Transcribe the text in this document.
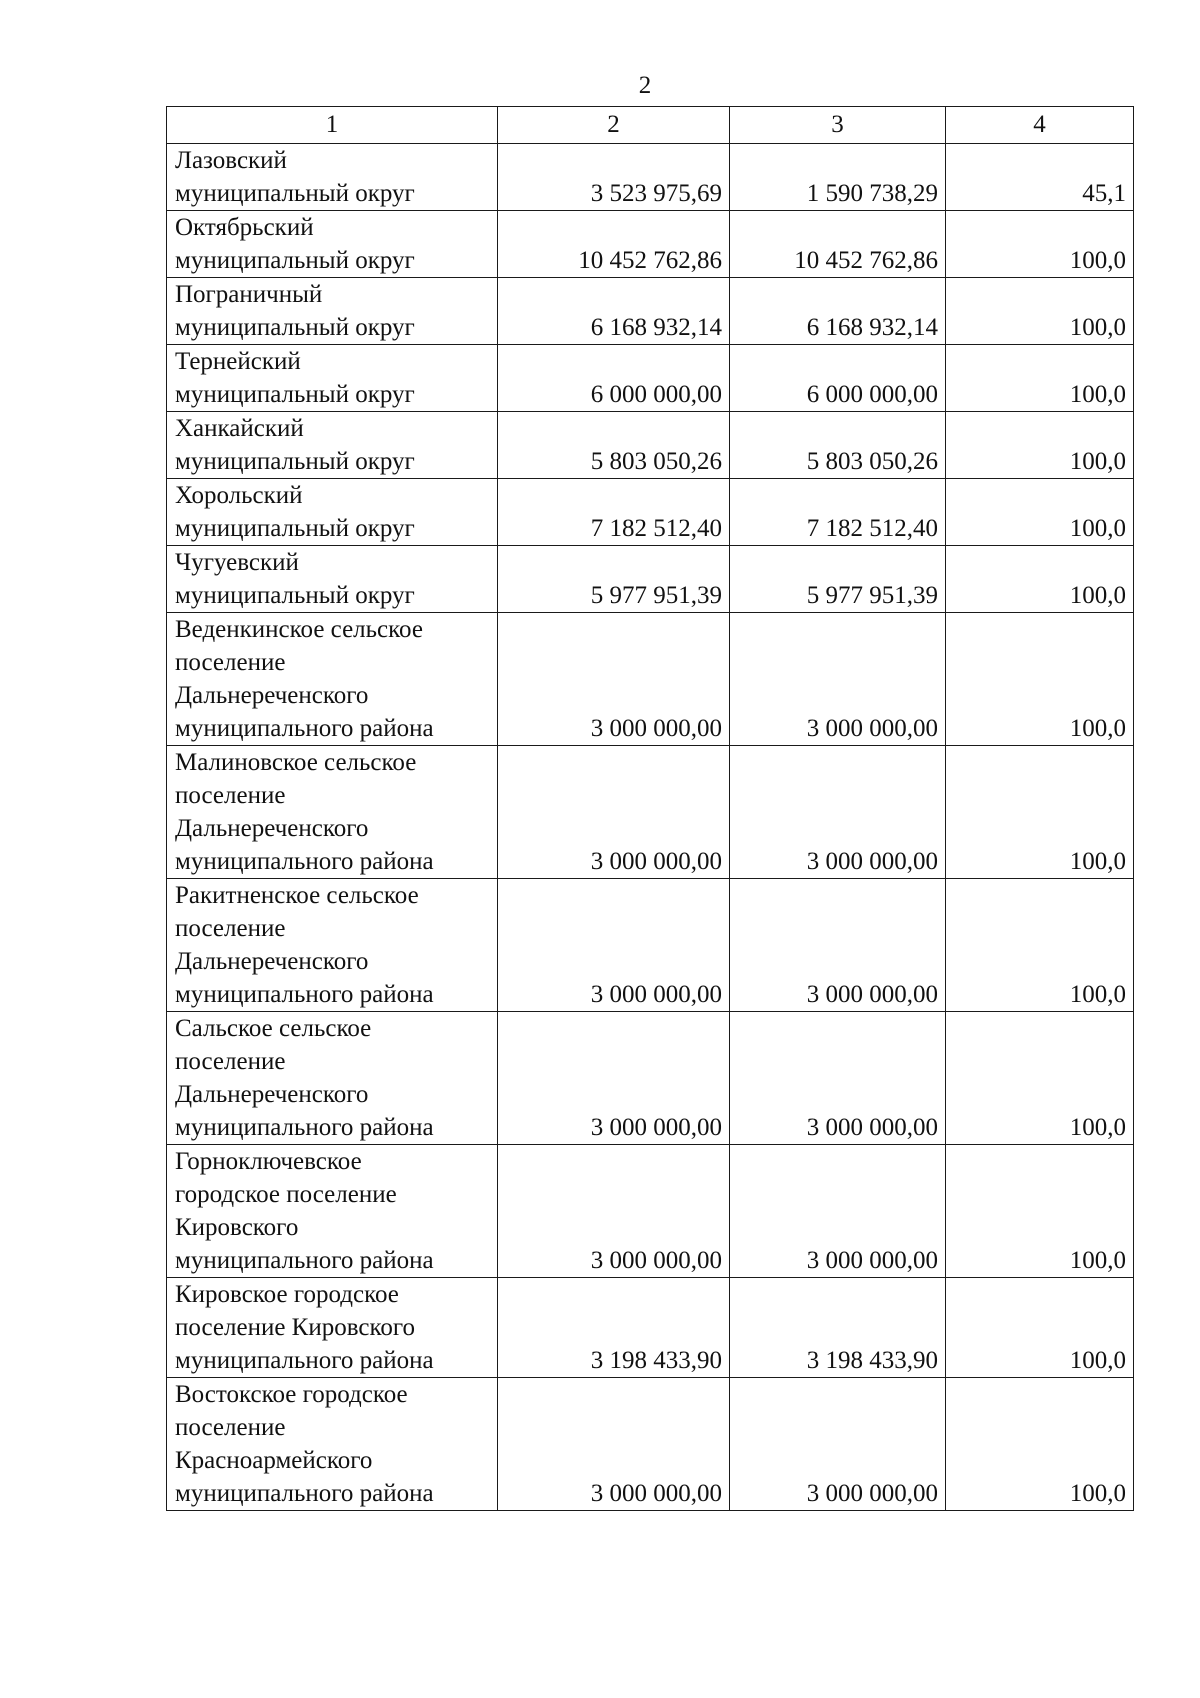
2
1	2	3	4
Лазовский
муниципальный округ	3 523 975,69	1 590 738,29	45,1
Октябрьский
муниципальный округ	10 452 762,86	10 452 762,86	100,0
Пограничный
муниципальный округ	6 168 932,14	6 168 932,14	100,0
Тернейский
муниципальный округ	6 000 000,00	6 000 000,00	100,0
Ханкайский
муниципальный округ	5 803 050,26	5 803 050,26	100,0
Хорольский
муниципальный округ	7 182 512,40	7 182 512,40	100,0
Чугуевский
муниципальный округ	5 977 951,39	5 977 951,39	100,0
Веденкинское сельское
поселение
Дальнереченского
муниципального района	3 000 000,00	3 000 000,00	100,0
Малиновское сельское
поселение
Дальнереченского
муниципального района	3 000 000,00	3 000 000,00	100,0
Ракитненское сельское
поселение
Дальнереченского
муниципального района	3 000 000,00	3 000 000,00	100,0
Сальское сельское
поселение
Дальнереченского
муниципального района	3 000 000,00	3 000 000,00	100,0
Горноключевское
городское поселение
Кировского
муниципального района	3 000 000,00	3 000 000,00	100,0
Кировское городское
поселение Кировского
муниципального района	3 198 433,90	3 198 433,90	100,0
Востокское городское
поселение
Красноармейского
муниципального района	3 000 000,00	3 000 000,00	100,0
